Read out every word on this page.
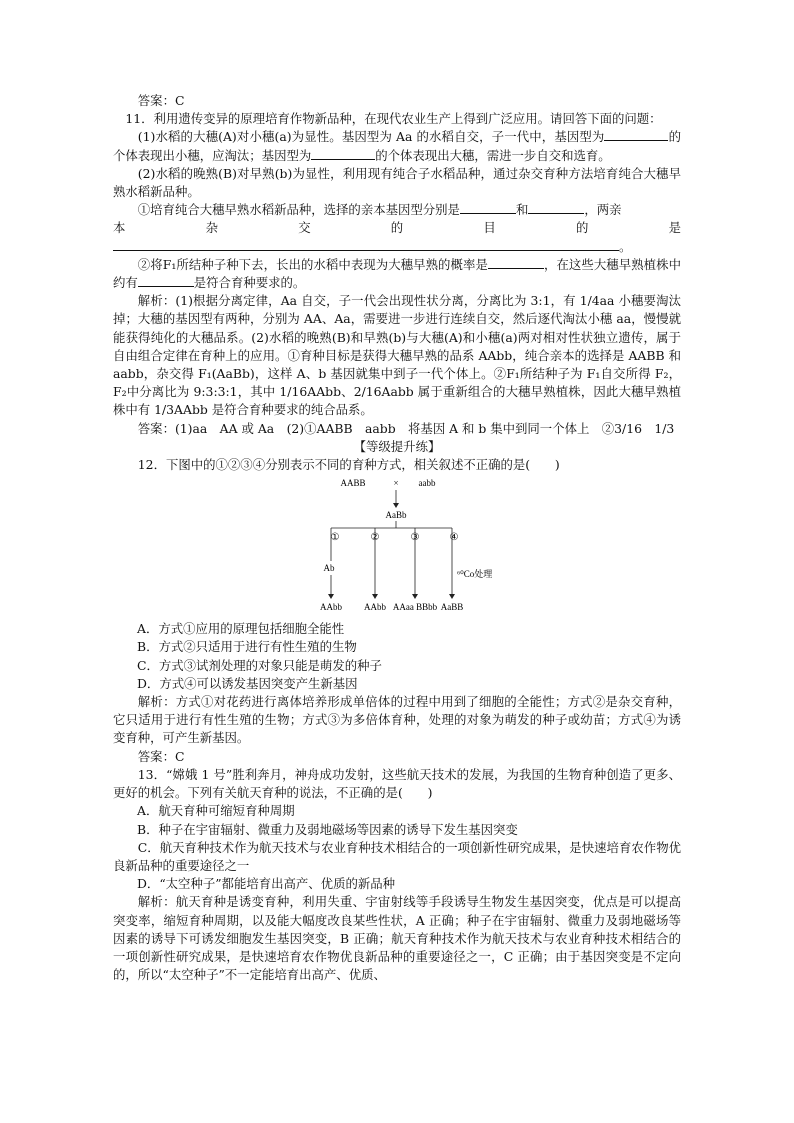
答案：C

11．利用遗传变异的原理培育作物新品种，在现代农业生产上得到广泛应用。请回答下面的问题：

(1)水稻的大穗(A)对小穗(a)为显性。基因型为 Aa 的水稻自交，子一代中，基因型为	的个体表现出小穗，应淘汰；基因型为	的个体表现出大穗，需进一步自交和选育。

(2)水稻的晚熟(B)对早熟(b)为显性，利用现有纯合子水稻品种，通过杂交育种方法培育纯合大穗早熟水稻新品种。

①培育纯合大穗早熟水稻新品种，选择的亲本基因型分别是	和	，两亲

本	杂	交	的	目	的	是

。

②将F₁所结种子种下去，长出的水稻中表现为大穗早熟的概率是	，在这些大穗早熟植株中约有	是符合育种要求的。

解析：(1)根据分离定律，Aa 自交，子一代会出现性状分离，分离比为 3:1，有 1/4aa 小穗要淘汰掉；大穗的基因型有两种，分别为 AA、Aa，需要进一步进行连续自交，然后逐代淘汰小穗 aa，慢慢就能获得纯化的大穗品系。(2)水稻的晚熟(B)和早熟(b)与大穗(A)和小穗(a)两对相对性状独立遗传，属于自由组合定律在育种上的应用。①育种目标是获得大穗早熟的品系 AAbb，纯合亲本的选择是 AABB 和 aabb，杂交得 F₁(AaBb)，这样 A、b 基因就集中到子一代个体上。②F₁所结种子为 F₁自交所得 F₂，F₂中分离比为 9:3:3:1，其中 1/16AAbb、2/16Aabb 属于重新组合的大穗早熟植株，因此大穗早熟植株中有 1/3AAbb 是符合育种要求的纯合品系。

答案：(1)aa　AA 或 Aa　(2)①AABB　aabb　将基因 A 和 b 集中到同一个体上　②3/16　1/3

【等级提升练】

12．下图中的①②③④分别表示不同的育种方式，相关叙述不正确的是(　　)

AABB	× aabb
AaBb
①	②	③	④
Ab
⁶⁰Co处理
AAbb AAbb AAaa BBbb AaBB

A．方式①应用的原理包括细胞全能性

B．方式②只适用于进行有性生殖的生物

C．方式③试剂处理的对象只能是萌发的种子

D．方式④可以诱发基因突变产生新基因

解析：方式①对花药进行离体培养形成单倍体的过程中用到了细胞的全能性；方式②是杂交育种，它只适用于进行有性生殖的生物；方式③为多倍体育种，处理的对象为萌发的种子或幼苗；方式④为诱变育种，可产生新基因。

答案：C

13．“嫦娥 1 号”胜利奔月，神舟成功发射，这些航天技术的发展，为我国的生物育种创造了更多、更好的机会。下列有关航天育种的说法，不正确的是(　　)

A．航天育种可缩短育种周期

B．种子在宇宙辐射、微重力及弱地磁场等因素的诱导下发生基因突变

C．航天育种技术作为航天技术与农业育种技术相结合的一项创新性研究成果，是快速培育农作物优良新品种的重要途径之一

D．“太空种子”都能培育出高产、优质的新品种

解析：航天育种是诱变育种，利用失重、宇宙射线等手段诱导生物发生基因突变，优点是可以提高突变率，缩短育种周期，以及能大幅度改良某些性状，A 正确；种子在宇宙辐射、微重力及弱地磁场等因素的诱导下可诱发细胞发生基因突变，B 正确；航天育种技术作为航天技术与农业育种技术相结合的一项创新性研究成果，是快速培育农作物优良新品种的重要途径之一，C 正确；由于基因突变是不定向的，所以“太空种子”不一定能培育出高产、优质、
